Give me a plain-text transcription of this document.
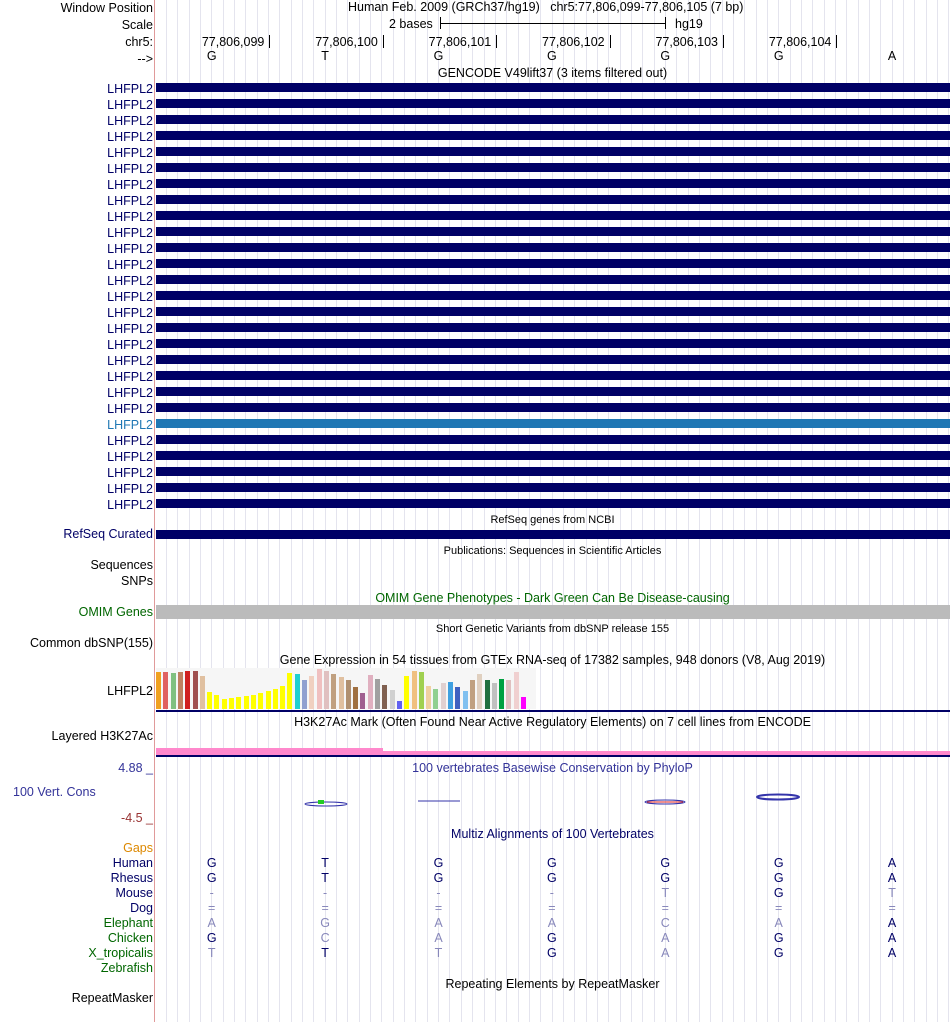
Window Position	Human Feb. 2009 (GRCh37/hg19) chr5:77,806,099-77,806,105 (7 bp)
Scale	2 bases	hg19
chr5:	77,806,099	77,806,100	77,806,101	77,806,102	77,806,103	77,806,104
-->	G	T	G	G	G	G	A
GENCODE V49lift37 (3 items filtered out)
LHFPL2
LHFPL2
LHFPL2
LHFPL2
LHFPL2
LHFPL2
LHFPL2
LHFPL2
LHFPL2
LHFPL2
LHFPL2
LHFPL2
LHFPL2
LHFPL2
LHFPL2
LHFPL2
LHFPL2
LHFPL2
LHFPL2
LHFPL2
LHFPL2
LHFPL2
LHFPL2
LHFPL2
LHFPL2
LHFPL2
LHFPL2
RefSeq genes from NCBI
RefSeq Curated
Publications: Sequences in Scientific Articles
Sequences
SNPs
OMIM Gene Phenotypes - Dark Green Can Be Disease-causing
OMIM Genes
Short Genetic Variants from dbSNP release 155
Common dbSNP(155)
Gene Expression in 54 tissues from GTEx RNA-seq of 17382 samples, 948 donors (V8, Aug 2019)
LHFPL2
H3K27Ac Mark (Often Found Near Active Regulatory Elements) on 7 cell lines from ENCODE
Layered H3K27Ac
4.88 _	100 vertebrates Basewise Conservation by PhyloP
100 Vert. Cons
-4.5 _
Multiz Alignments of 100 Vertebrates
Gaps
Human	G	T	G	G	G	G	A
Rhesus	G	T	G	G	G	G	A
Mouse	-	-	-	-	T	G	T
Dog	=	=	=	=	=	=	=
Elephant	A	G	A	A	C	A	A
Chicken	G	C	A	G	A	G	A
X_tropicalis	T	T	T	G	A	G	A
Zebrafish
Repeating Elements by RepeatMasker
RepeatMasker
